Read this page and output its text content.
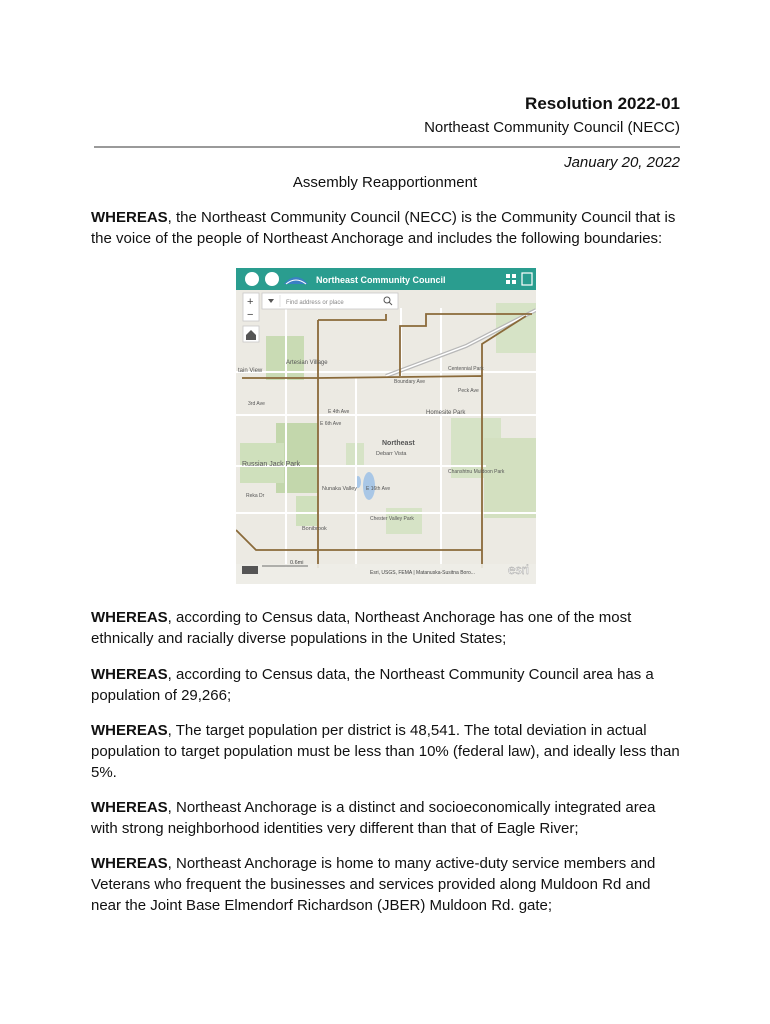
Resolution 2022-01
Northeast Community Council (NECC)
January 20, 2022
Assembly Reapportionment
WHEREAS, the Northeast Community Council (NECC) is the Community Council that is the voice of the people of Northeast Anchorage and includes the following boundaries:
Artesian Village
tain View
Russian Jack Park
Homesite Park
Northeast
Debarr Vista
Nunaka Valley
Chanshtnu Muldoon Park
Chester Valley Park
Bonibrook
Boundary Ave
Centennial Park
Peck Ave
E 4th Ave
E 6th Ave
E 16th Ave
3rd Ave
Reka Dr
Northeast Community Council
+
−
Find address or place
0.6mi
Esri, USGS, FEMA | Matanuska-Susitna Boro...	esri
WHEREAS, according to Census data, Northeast Anchorage has one of the most ethnically and racially diverse populations in the United States;
WHEREAS, according to Census data, the Northeast Community Council area has a population of 29,266;
WHEREAS, The target population per district is 48,541. The total deviation in actual population to target population must be less than 10% (federal law), and ideally less than 5%.
WHEREAS, Northeast Anchorage is a distinct and socioeconomically integrated area with strong neighborhood identities very different than that of Eagle River;
WHEREAS, Northeast Anchorage is home to many active-duty service members and Veterans who frequent the businesses and services provided along Muldoon Rd and near the Joint Base Elmendorf Richardson (JBER) Muldoon Rd. gate;
